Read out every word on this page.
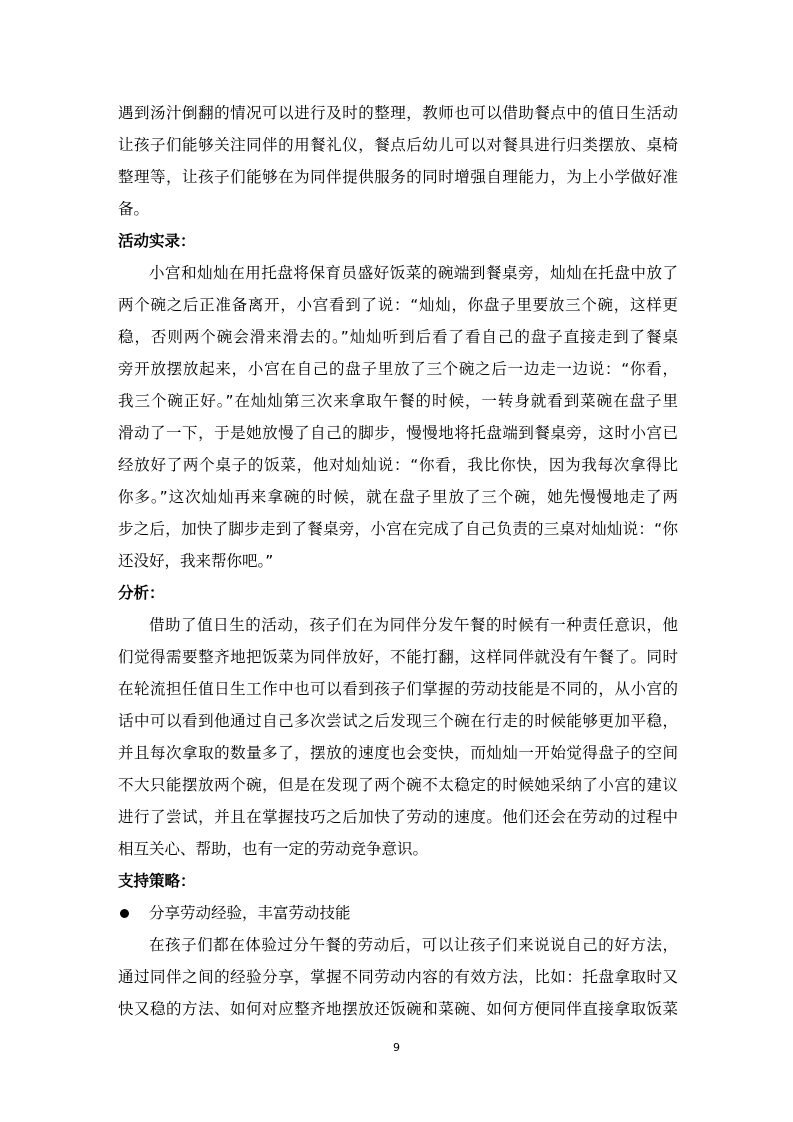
遇到汤汁倒翻的情况可以进行及时的整理，教师也可以借助餐点中的值日生活动
让孩子们能够关注同伴的用餐礼仪，餐点后幼儿可以对餐具进行归类摆放、桌椅
整理等，让孩子们能够在为同伴提供服务的同时增强自理能力，为上小学做好准
备。
活动实录：
小宫和灿灿在用托盘将保育员盛好饭菜的碗端到餐桌旁，灿灿在托盘中放了
两个碗之后正准备离开，小宫看到了说：“灿灿，你盘子里要放三个碗，这样更
稳，否则两个碗会滑来滑去的。”灿灿听到后看了看自己的盘子直接走到了餐桌
旁开放摆放起来，小宫在自己的盘子里放了三个碗之后一边走一边说：“你看，
我三个碗正好。”在灿灿第三次来拿取午餐的时候，一转身就看到菜碗在盘子里
滑动了一下，于是她放慢了自己的脚步，慢慢地将托盘端到餐桌旁，这时小宫已
经放好了两个桌子的饭菜，他对灿灿说：“你看，我比你快，因为我每次拿得比
你多。”这次灿灿再来拿碗的时候，就在盘子里放了三个碗，她先慢慢地走了两
步之后，加快了脚步走到了餐桌旁，小宫在完成了自己负责的三桌对灿灿说：“你
还没好，我来帮你吧。”
分析：
借助了值日生的活动，孩子们在为同伴分发午餐的时候有一种责任意识，他
们觉得需要整齐地把饭菜为同伴放好，不能打翻，这样同伴就没有午餐了。同时
在轮流担任值日生工作中也可以看到孩子们掌握的劳动技能是不同的，从小宫的
话中可以看到他通过自己多次尝试之后发现三个碗在行走的时候能够更加平稳，
并且每次拿取的数量多了，摆放的速度也会变快，而灿灿一开始觉得盘子的空间
不大只能摆放两个碗，但是在发现了两个碗不太稳定的时候她采纳了小宫的建议
进行了尝试，并且在掌握技巧之后加快了劳动的速度。他们还会在劳动的过程中
相互关心、帮助，也有一定的劳动竞争意识。
支持策略：
分享劳动经验，丰富劳动技能
在孩子们都在体验过分午餐的劳动后，可以让孩子们来说说自己的好方法，
通过同伴之间的经验分享，掌握不同劳动内容的有效方法，比如：托盘拿取时又
快又稳的方法、如何对应整齐地摆放还饭碗和菜碗、如何方便同伴直接拿取饭菜
9
